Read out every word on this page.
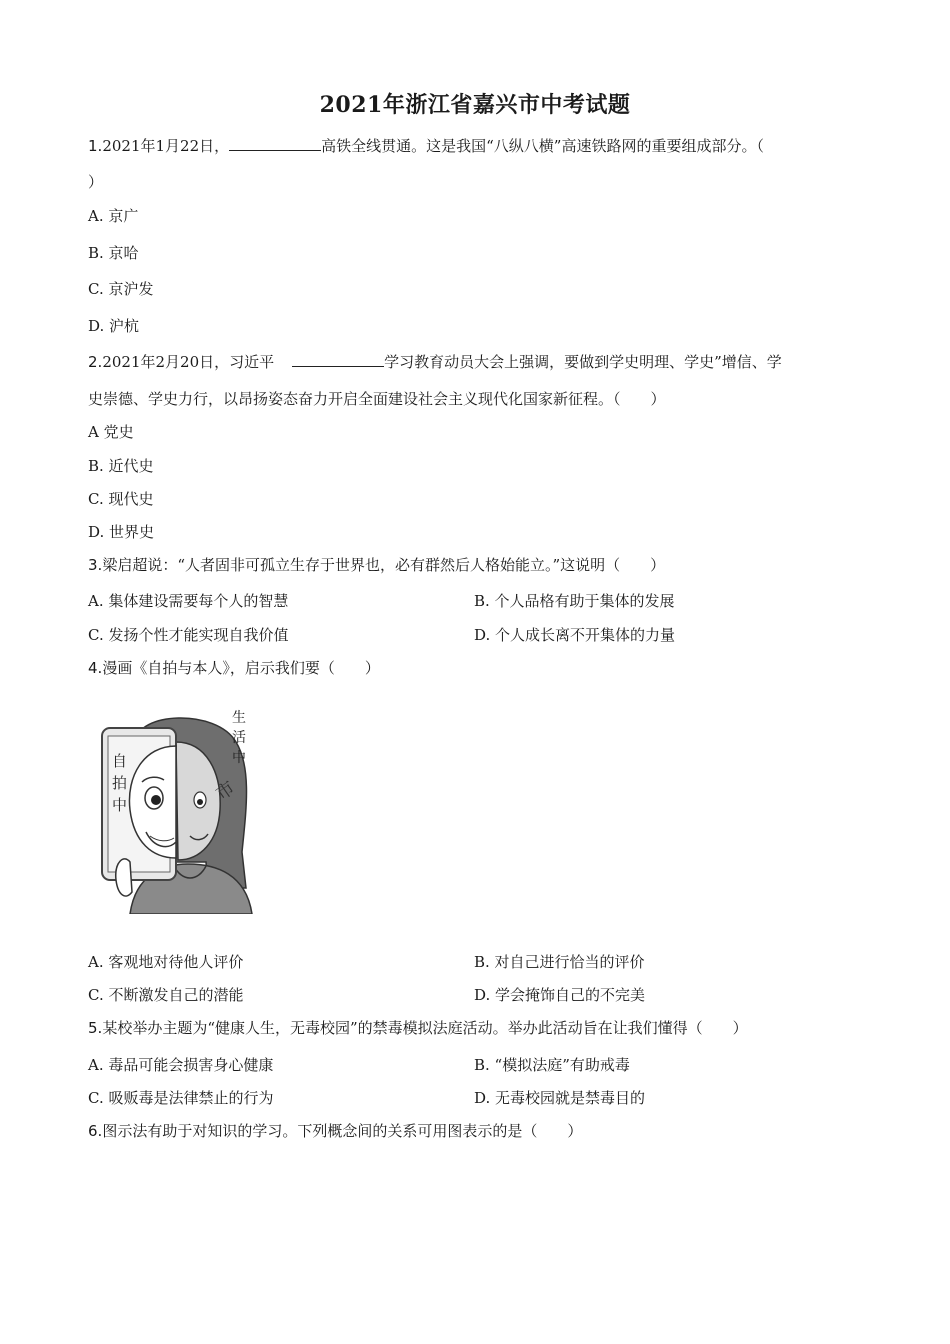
2021年浙江省嘉兴市中考试题
1.2021年1月22日，	高铁全线贯通。这是我国“八纵八横”高速铁路网的重要组成部分。（
）
A. 京广
B. 京哈
C. 京沪发
D. 沪杭
2.2021年2月20日，习近平	学习教育动员大会上强调，要做到学史明理、学史”增信、学
史崇德、学史力行，以昂扬姿态奋力开启全面建设社会主义现代化国家新征程。（　　）
A 党史
B. 近代史
C. 现代史
D. 世界史
3.梁启超说：“人者固非可孤立生存于世界也，必有群然后人格始能立。”这说明（　　）
A. 集体建设需要每个人的智慧	B. 个人品格有助于集体的发展
C. 发扬个性才能实现自我价值	D. 个人成长离不开集体的力量
4.漫画《自拍与本人》，启示我们要（　　）
自 拍 中
生 活 中
市
A. 客观地对待他人评价	B. 对自己进行恰当的评价
C. 不断激发自己的潜能	D. 学会掩饰自己的不完美
5.某校举办主题为“健康人生，无毒校园”的禁毒模拟法庭活动。举办此活动旨在让我们懂得（　　）
A. 毒品可能会损害身心健康	B. “模拟法庭”有助戒毒
C. 吸贩毒是法律禁止的行为	D. 无毒校园就是禁毒目的
6.图示法有助于对知识的学习。下列概念间的关系可用图表示的是（　　）
